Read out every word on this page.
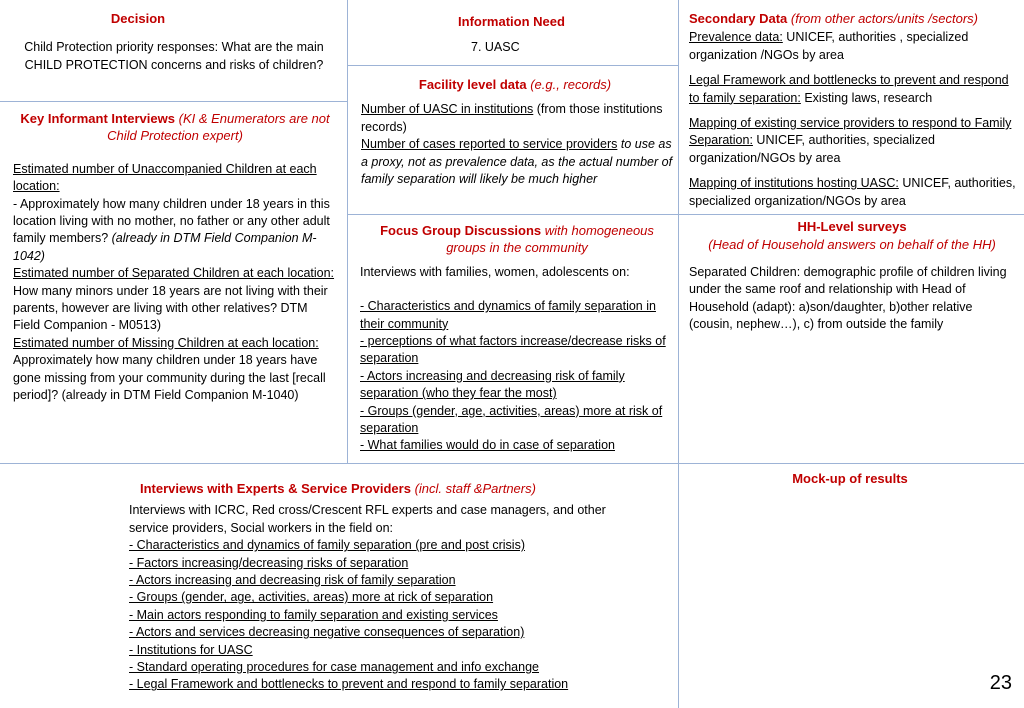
Decision

Child Protection priority responses: What are the main CHILD PROTECTION concerns and risks of children?

Information Need

7. UASC

Facility level data (e.g., records)

Number of UASC in institutions (from those institutions records)
Number of cases reported to service providers to use as a proxy, not as prevalence data, as the actual number of family separation will likely be much higher

Secondary Data (from other actors/units /sectors)

Prevalence data: UNICEF, authorities , specialized organization /NGOs by area

Legal Framework and bottlenecks to prevent and respond to family separation: Existing laws, research

Mapping of existing service providers to respond to Family Separation: UNICEF, authorities, specialized organization/NGOs by area

Mapping of institutions hosting UASC: UNICEF, authorities, specialized organization/NGOs by area

Key Informant Interviews (KI & Enumerators are not Child Protection expert)

Estimated number of Unaccompanied Children at each location:
- Approximately how many children under 18 years in this location living with no mother, no father or any other adult family members? (already in DTM Field Companion M-1042)

Estimated number of Separated Children at each location:
How many minors under 18 years are not living with their parents, however are living with other relatives? DTM Field Companion - M0513)

Estimated number of Missing Children at each location:
Approximately how many children under 18 years have gone missing from your community during the last [recall period]? (already in DTM Field Companion M-1040)

Focus Group Discussions with homogeneous groups in the community

Interviews with families, women, adolescents on:

- Characteristics and dynamics of family separation in their community

- perceptions of what factors increase/decrease risks of separation

- Actors increasing and decreasing risk of family separation (who they fear the most)

- Groups (gender, age, activities, areas) more at risk of separation

- What families would do in case of separation

HH-Level surveys
(Head of Household answers on behalf of the HH)

Separated Children: demographic profile of children living under the same roof and relationship with Head of Household (adapt): a)son/daughter, b)other relative (cousin, nephew…), c) from outside the family

Interviews with Experts & Service Providers (incl. staff &Partners)

Interviews with ICRC, Red cross/Crescent RFL experts and case managers, and other service providers, Social workers in the field on:

- Characteristics and dynamics of family separation (pre and post crisis)

- Factors increasing/decreasing risks of separation

- Actors increasing and decreasing risk of family separation

- Groups (gender, age, activities, areas) more at rick of separation

- Main actors responding to family separation and existing services

- Actors and services decreasing negative consequences of separation)

- Institutions for UASC

- Standard operating procedures for case management and info exchange

- Legal Framework and bottlenecks to prevent and respond to family separation

Mock-up of results
23
